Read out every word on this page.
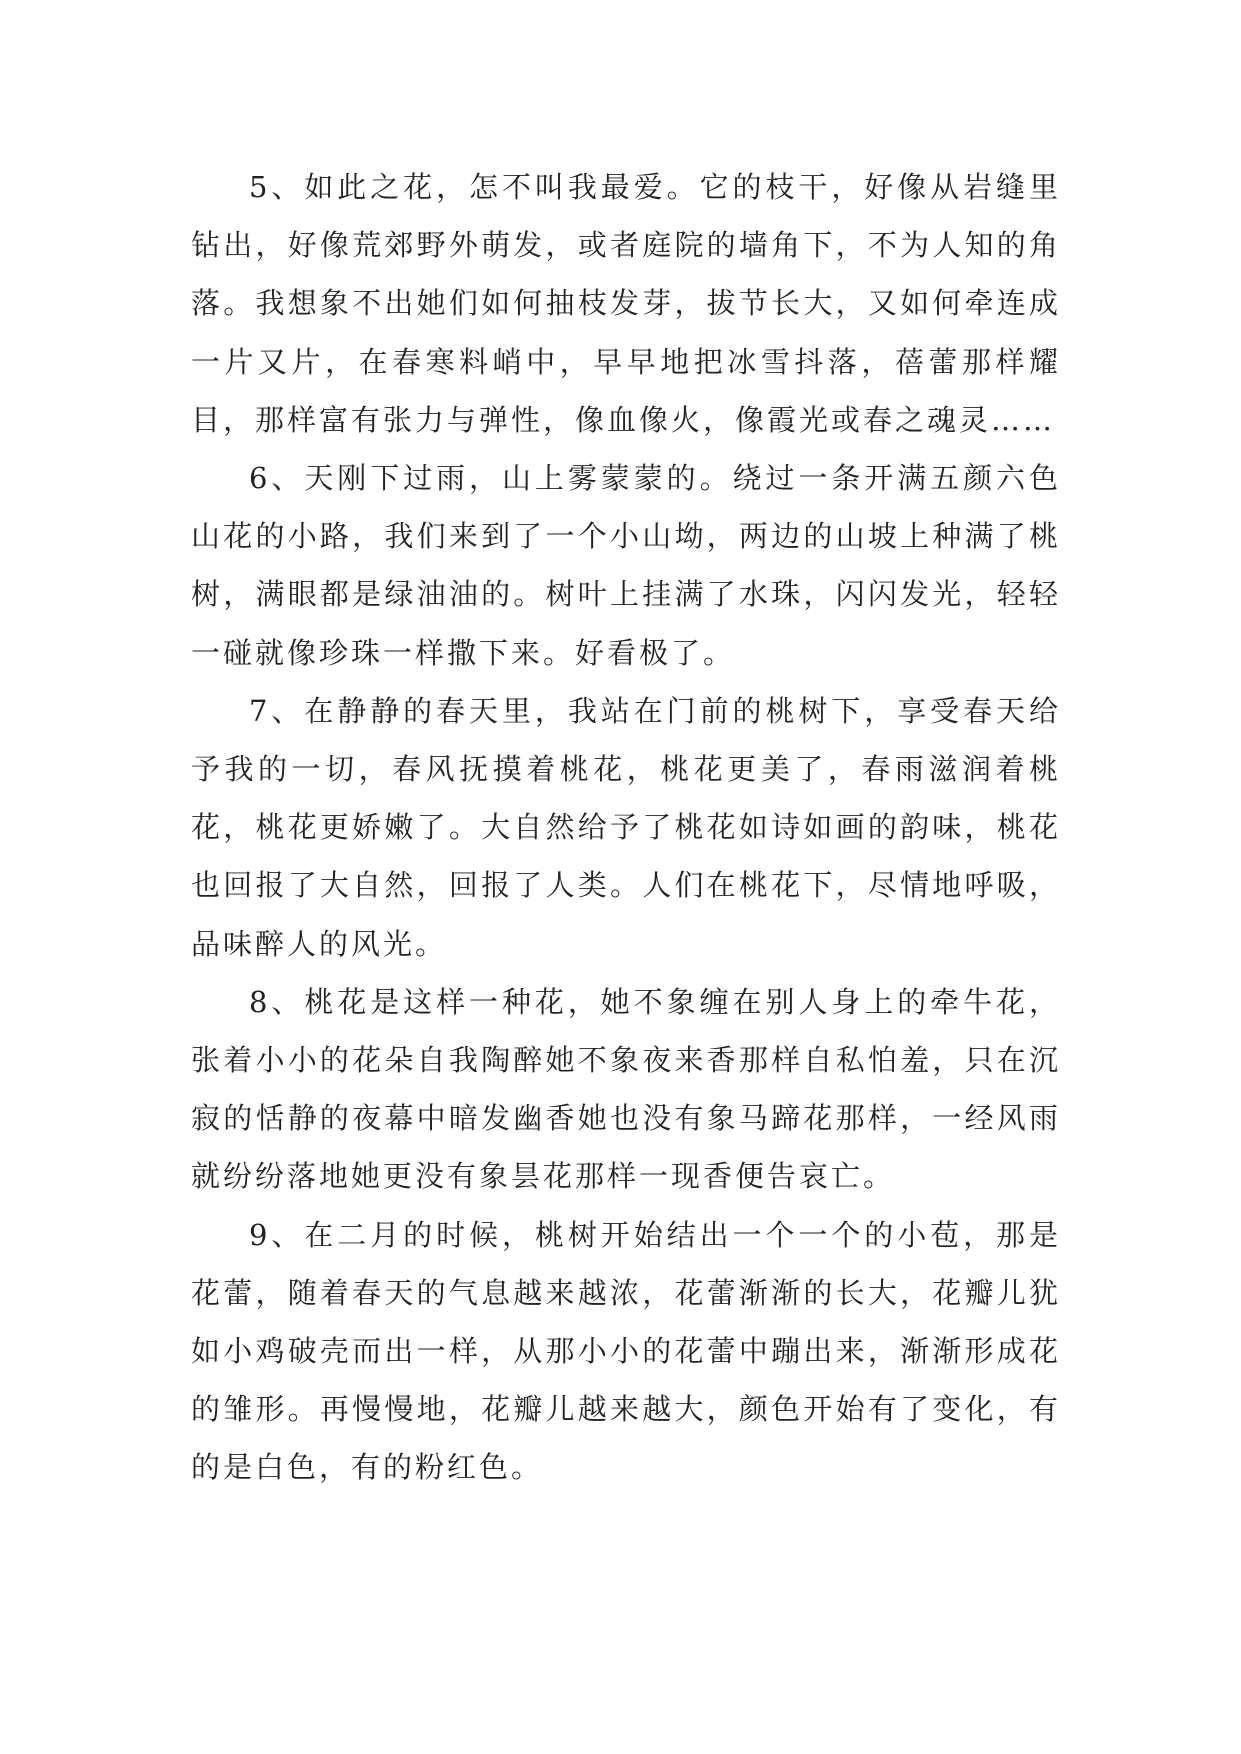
5、如此之花，怎不叫我最爱。它的枝干，好像从岩缝里钻出，好像荒郊野外萌发，或者庭院的墙角下，不为人知的角落。我想象不出她们如何抽枝发芽，拔节长大，又如何牵连成一片又片，在春寒料峭中，早早地把冰雪抖落，蓓蕾那样耀目，那样富有张力与弹性，像血像火，像霞光或春之魂灵……

6、天刚下过雨，山上雾蒙蒙的。绕过一条开满五颜六色山花的小路，我们来到了一个小山坳，两边的山坡上种满了桃树，满眼都是绿油油的。树叶上挂满了水珠，闪闪发光，轻轻一碰就像珍珠一样撒下来。好看极了。

7、在静静的春天里，我站在门前的桃树下，享受春天给予我的一切，春风抚摸着桃花，桃花更美了，春雨滋润着桃花，桃花更娇嫩了。大自然给予了桃花如诗如画的韵味，桃花也回报了大自然，回报了人类。人们在桃花下，尽情地呼吸，品味醉人的风光。

8、桃花是这样一种花，她不象缠在别人身上的牵牛花，张着小小的花朵自我陶醉她不象夜来香那样自私怕羞，只在沉寂的恬静的夜幕中暗发幽香她也没有象马蹄花那样，一经风雨就纷纷落地她更没有象昙花那样一现香便告哀亡。

9、在二月的时候，桃树开始结出一个一个的小苞，那是花蕾，随着春天的气息越来越浓，花蕾渐渐的长大，花瓣儿犹如小鸡破壳而出一样，从那小小的花蕾中蹦出来，渐渐形成花的雏形。再慢慢地，花瓣儿越来越大，颜色开始有了变化，有的是白色，有的粉红色。
